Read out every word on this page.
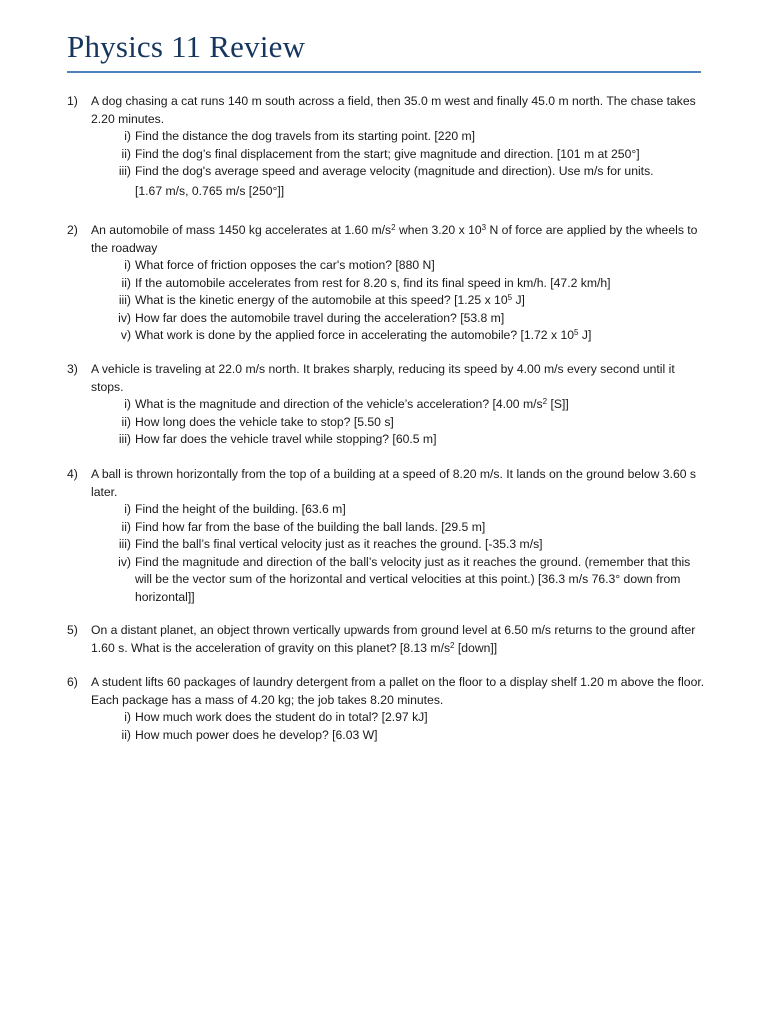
Physics 11 Review
1)	A dog chasing a cat runs 140 m south across a field, then 35.0 m west and finally 45.0 m north. The chase takes 2.20 minutes.
i) Find the distance the dog travels from its starting point. [220 m]
ii) Find the dog’s final displacement from the start; give magnitude and direction. [101 m at 250°]
iii) Find the dog's average speed and average velocity (magnitude and direction). Use m/s for units.
[1.67 m/s, 0.765 m/s [250°]]
2)	An automobile of mass 1450 kg accelerates at 1.60 $m/s^2$ when 3.20 x $10^3$ N of force are applied by the wheels to the roadway
i) What force of friction opposes the car's motion? [880 N]
ii) If the automobile accelerates from rest for 8.20 s, find its final speed in km/h. [47.2 km/h]
iii) What is the kinetic energy of the automobile at this speed? [1.25 x $10^5$ J]
iv) How far does the automobile travel during the acceleration? [53.8 m]
v) What work is done by the applied force in accelerating the automobile? [1.72 x $10^5$ J]
3)	A vehicle is traveling at 22.0 m/s north. It brakes sharply, reducing its speed by 4.00 m/s every second until it stops.
i) What is the magnitude and direction of the vehicle’s acceleration? [4.00 $m/s^2$ [S]]
ii) How long does the vehicle take to stop? [5.50 s]
iii) How far does the vehicle travel while stopping? [60.5 m]
4)	A ball is thrown horizontally from the top of a building at a speed of 8.20 m/s. It lands on the ground below 3.60 s later.
i) Find the height of the building. [63.6 m]
ii) Find how far from the base of the building the ball lands. [29.5 m]
iii) Find the ball’s final vertical velocity just as it reaches the ground. [-35.3 m/s]
iv) Find the magnitude and direction of the ball’s velocity just as it reaches the ground. (remember that this will be the vector sum of the horizontal and vertical velocities at this point.) [36.3 m/s 76.3° down from horizontal]]
5)	On a distant planet, an object thrown vertically upwards from ground level at 6.50 m/s returns to the ground after 1.60 s. What is the acceleration of gravity on this planet? [8.13 $m/s^2$ [down]]
6)	A student lifts 60 packages of laundry detergent from a pallet on the floor to a display shelf 1.20 m above the floor. Each package has a mass of 4.20 kg; the job takes 8.20 minutes.
i) How much work does the student do in total? [2.97 kJ]
ii) How much power does he develop? [6.03 W]
